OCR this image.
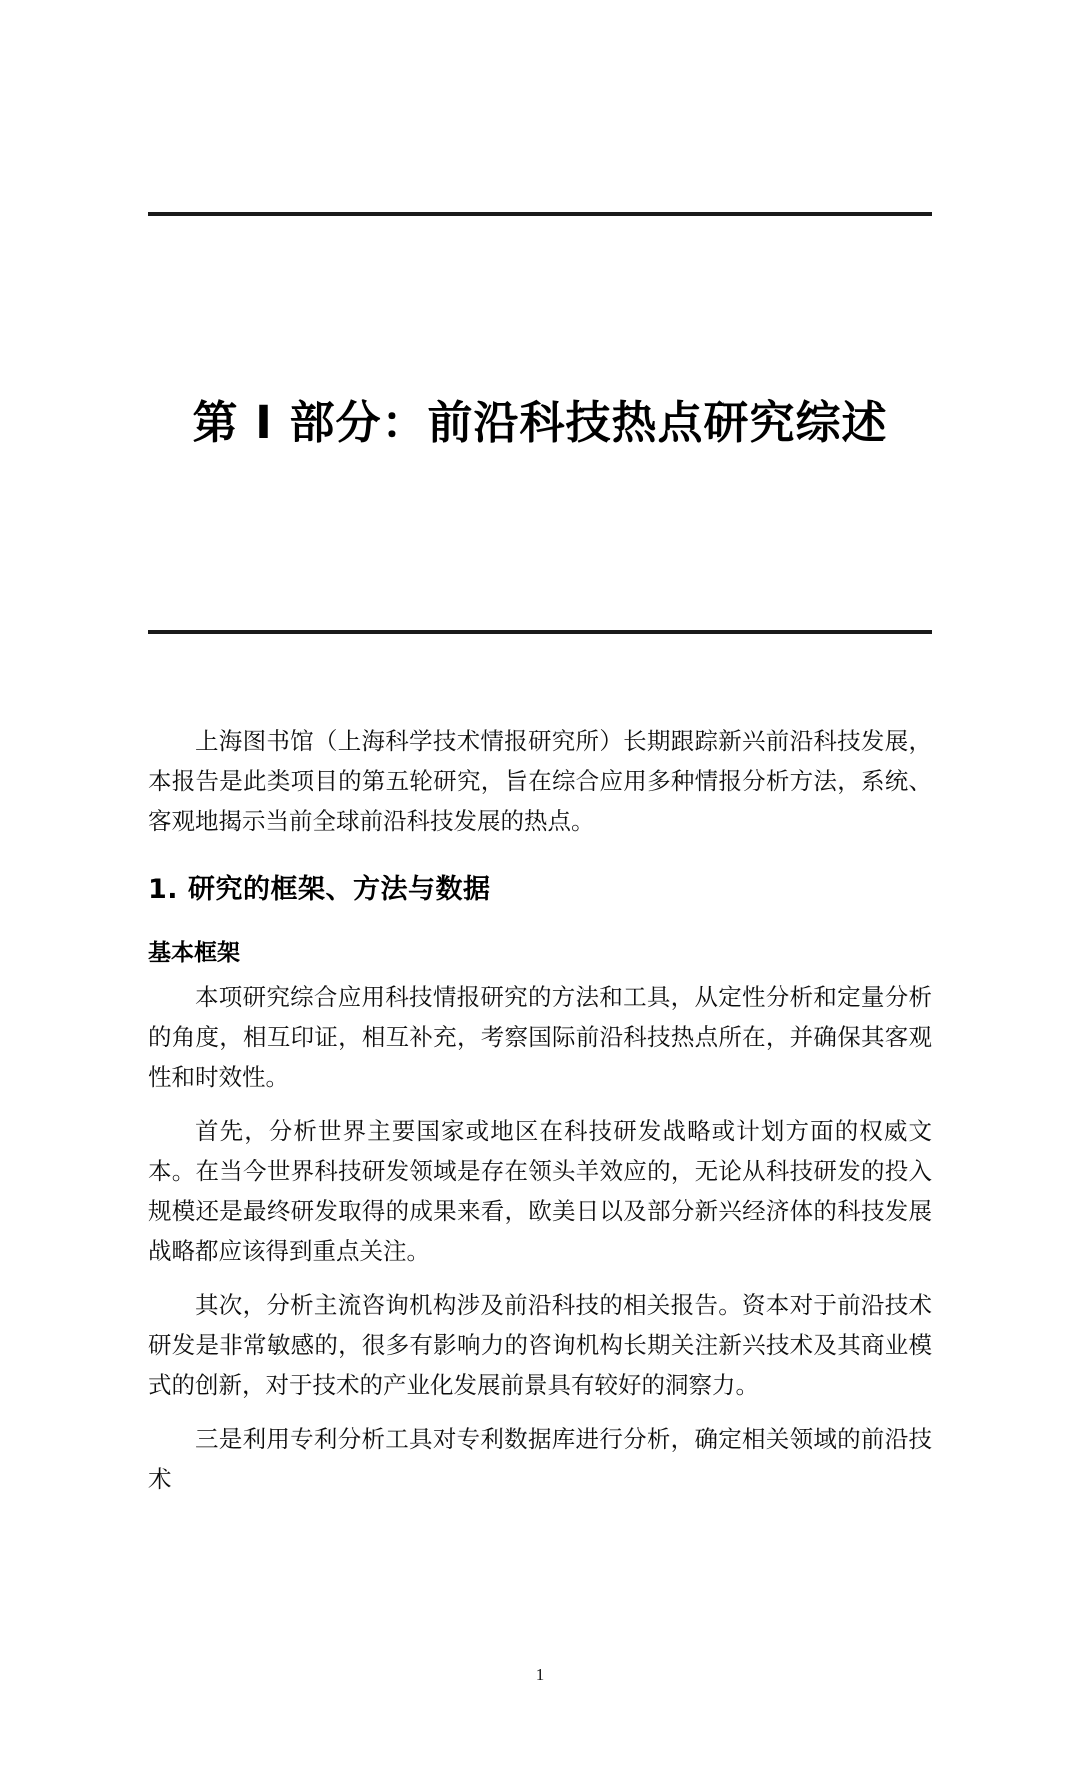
第 I 部分：前沿科技热点研究综述

上海图书馆（上海科学技术情报研究所）长期跟踪新兴前沿科技发展，本报告是此类项目的第五轮研究，旨在综合应用多种情报分析方法，系统、客观地揭示当前全球前沿科技发展的热点。

1. 研究的框架、方法与数据
基本框架

本项研究综合应用科技情报研究的方法和工具，从定性分析和定量分析的角度，相互印证，相互补充，考察国际前沿科技热点所在，并确保其客观性和时效性。

首先，分析世界主要国家或地区在科技研发战略或计划方面的权威文本。在当今世界科技研发领域是存在领头羊效应的，无论从科技研发的投入规模还是最终研发取得的成果来看，欧美日以及部分新兴经济体的科技发展战略都应该得到重点关注。

其次，分析主流咨询机构涉及前沿科技的相关报告。资本对于前沿技术研发是非常敏感的，很多有影响力的咨询机构长期关注新兴技术及其商业模式的创新，对于技术的产业化发展前景具有较好的洞察力。

三是利用专利分析工具对专利数据库进行分析，确定相关领域的前沿技术

1
